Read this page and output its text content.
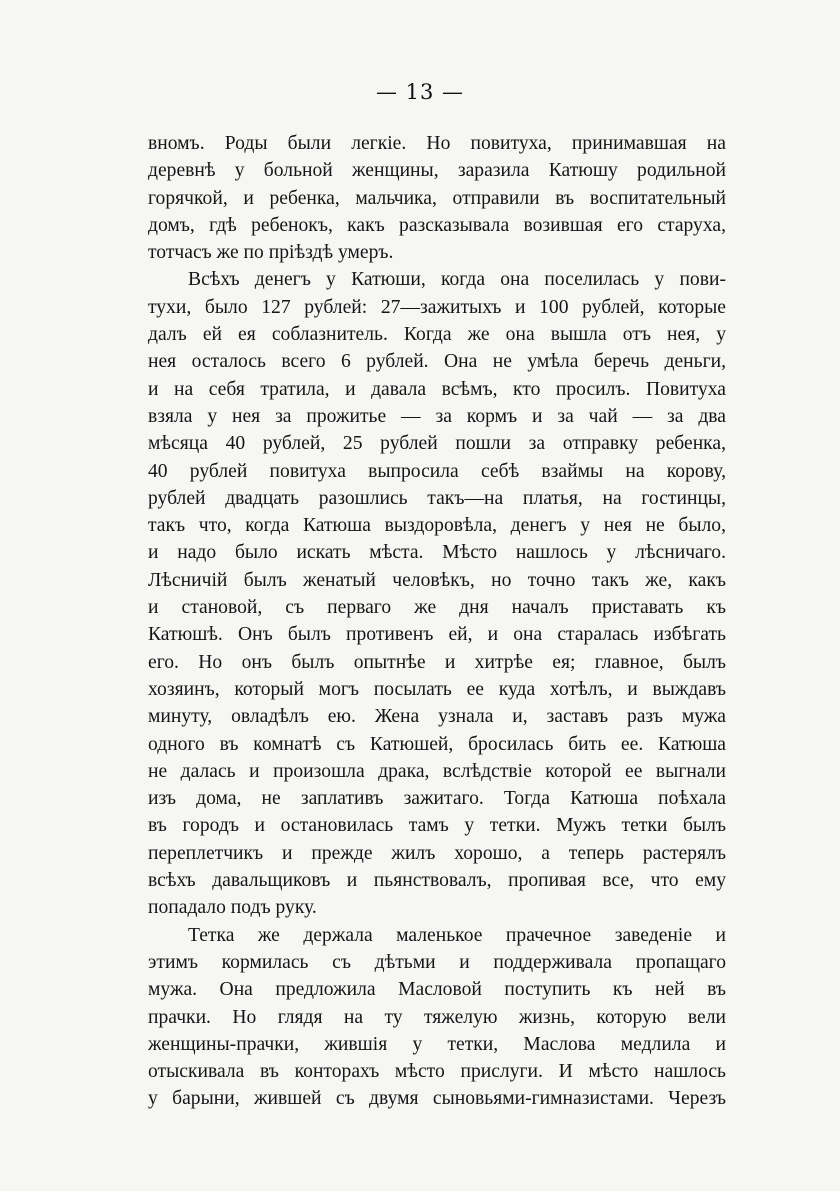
— 13 —
вномъ. Роды были легкіе. Но повитуха, принимавшая на
деревнѣ у больной женщины, заразила Катюшу родильной
горячкой, и ребенка, мальчика, отправили въ воспитательный
домъ, гдѣ ребенокъ, какъ разсказывала возившая его старуха,
тотчасъ же по пріѣздѣ умеръ.
Всѣхъ денегъ у Катюши, когда она поселилась у пови-
тухи, было 127 рублей: 27—зажитыхъ и 100 рублей, которые
далъ ей ея соблазнитель. Когда же она вышла отъ нея, у
нея осталось всего 6 рублей. Она не умѣла беречь деньги,
и на себя тратила, и давала всѣмъ, кто просилъ. Повитуха
взяла у нея за прожитье — за кормъ и за чай — за два
мѣсяца 40 рублей, 25 рублей пошли за отправку ребенка,
40 рублей повитуха выпросила себѣ взаймы на корову,
рублей двадцать разошлись такъ—на платья, на гостинцы,
такъ что, когда Катюша выздоровѣла, денегъ у нея не было,
и надо было искать мѣста. Мѣсто нашлось у лѣсничаго.
Лѣсничій былъ женатый человѣкъ, но точно такъ же, какъ
и становой, съ перваго же дня началъ приставать къ
Катюшѣ. Онъ былъ противенъ ей, и она старалась избѣгать
его. Но онъ былъ опытнѣе и хитрѣе ея; главное, былъ
хозяинъ, который могъ посылать ее куда хотѣлъ, и выждавъ
минуту, овладѣлъ ею. Жена узнала и, заставъ разъ мужа
одного въ комнатѣ съ Катюшей, бросилась бить ее. Катюша
не далась и произошла драка, вслѣдствіе которой ее выгнали
изъ дома, не заплативъ зажитаго. Тогда Катюша поѣхала
въ городъ и остановилась тамъ у тетки. Мужъ тетки былъ
переплетчикъ и прежде жилъ хорошо, а теперь растерялъ
всѣхъ давальщиковъ и пьянствовалъ, пропивая все, что ему
попадало подъ руку.
Тетка же держала маленькое прачечное заведеніе и
этимъ кормилась съ дѣтьми и поддерживала пропащаго
мужа. Она предложила Масловой поступить къ ней въ
прачки. Но глядя на ту тяжелую жизнь, которую вели
женщины-прачки, жившія у тетки, Маслова медлила и
отыскивала въ конторахъ мѣсто прислуги. И мѣсто нашлось
у барыни, жившей съ двумя сыновьями-гимназистами. Черезъ
